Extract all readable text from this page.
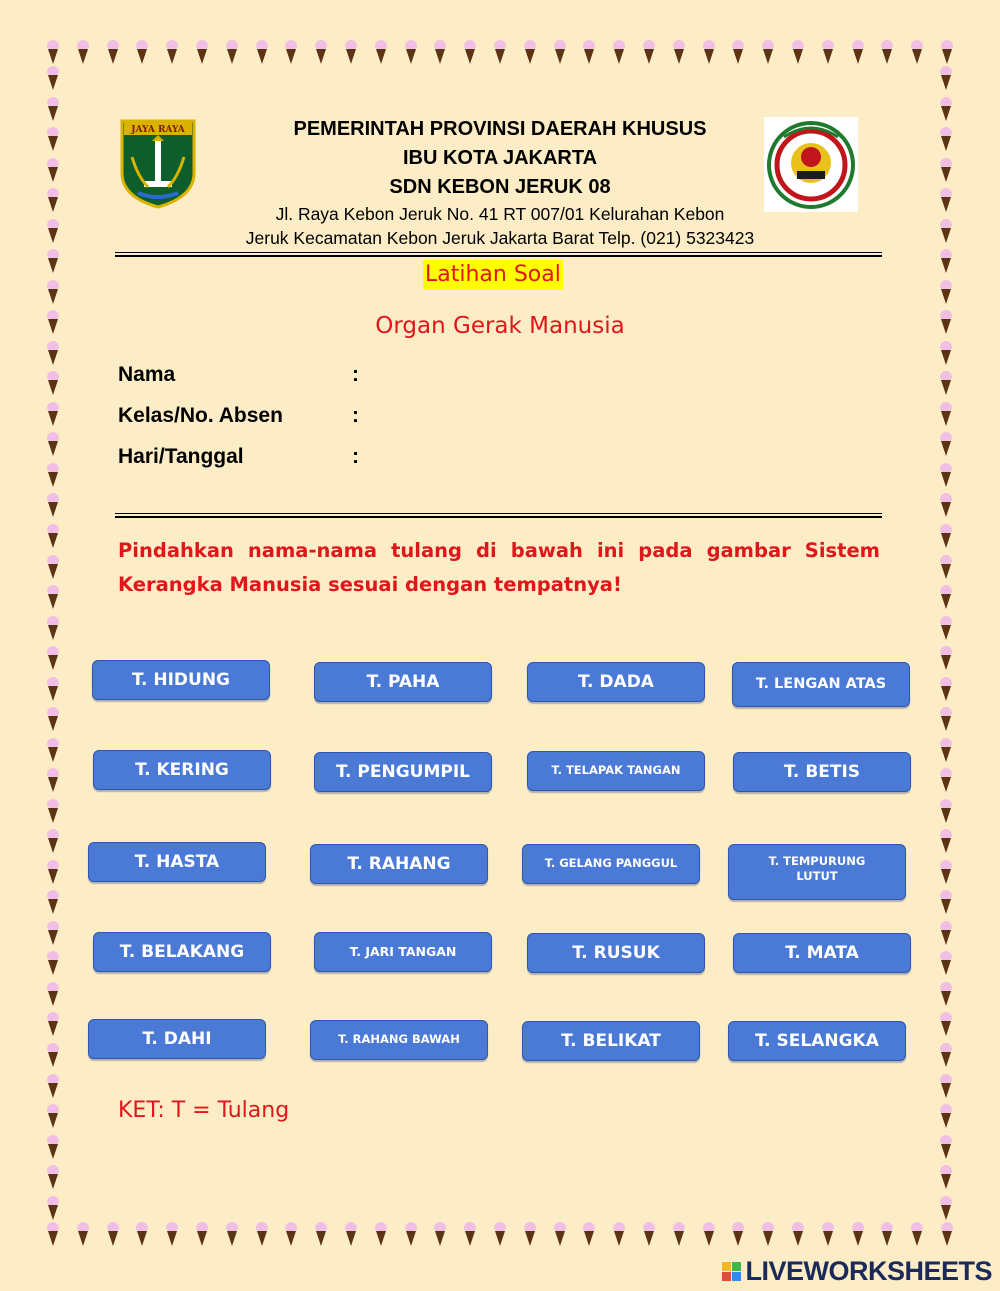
JAYA RAYA	PEMERINTAH PROVINSI DAERAH KHUSUS
IBU KOTA JAKARTA
SDN KEBON JERUK 08
Jl. Raya Kebon Jeruk No. 41 RT 007/01 Kelurahan Kebon
Jeruk Kecamatan Kebon Jeruk Jakarta Barat Telp. (021) 5323423
Latihan Soal
Organ Gerak Manusia
Nama	:
Kelas/No. Absen	:
Hari/Tanggal	:
Pindahkan nama-nama tulang di bawah ini pada gambar Sistem Kerangka Manusia sesuai dengan tempatnya!
T. HIDUNG	T. PAHA	T. DADA	T. LENGAN ATAS
T. KERING	T. PENGUMPIL	T. TELAPAK TANGAN	T. BETIS
T. HASTA	T. RAHANG	T. GELANG PANGGUL	T. TEMPURUNG LUTUT
T. BELAKANG	T. JARI TANGAN	T. RUSUK	T. MATA
T. DAHI	T. RAHANG BAWAH	T. BELIKAT	T. SELANGKA
KET: T = Tulang
LIVEWORKSHEETS
